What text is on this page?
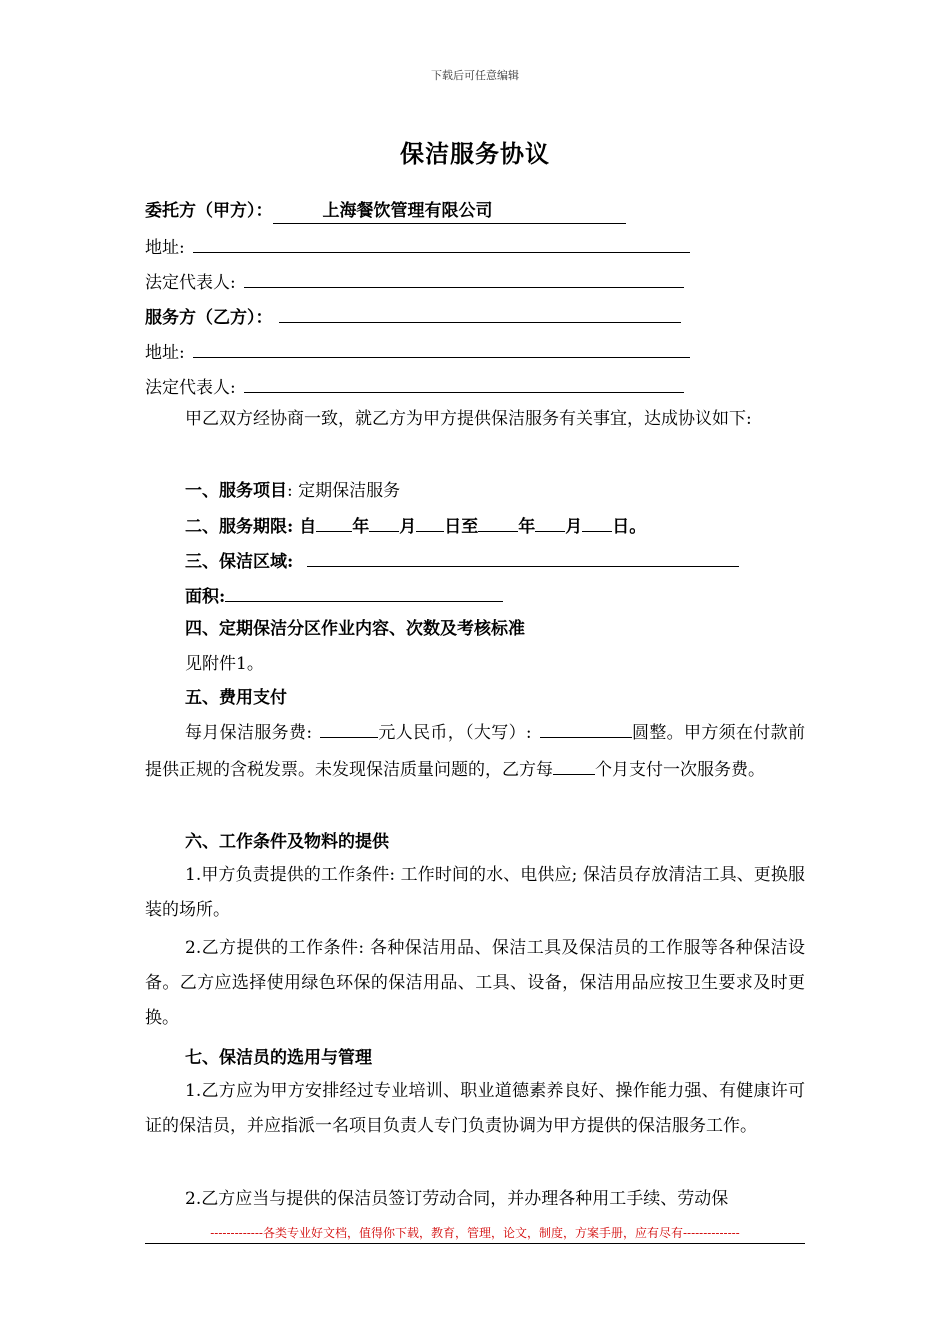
下载后可任意编辑
保洁服务协议
委托方（甲方）：	上海餐饮管理有限公司
地址:
法定代表人:
服务方（乙方）：
地址:
法定代表人:
甲乙双方经协商一致，就乙方为甲方提供保洁服务有关事宜，达成协议如下:
一、服务项目: 定期保洁服务
二、服务期限: 自 年 月 日至 年 月 日。
三、保洁区域:
面积:
四、定期保洁分区作业内容、次数及考核标准
见附件1。
五、费用支付
每月保洁服务费:	元人民币，（大写）:	圆整。甲方须在付款前提供正规的含税发票。未发现保洁质量问题的，乙方每 个月支付一次服务费。
六、工作条件及物料的提供
1.甲方负责提供的工作条件: 工作时间的水、电供应; 保洁员存放清洁工具、更换服装的场所。
2.乙方提供的工作条件: 各种保洁用品、保洁工具及保洁员的工作服等各种保洁设备。乙方应选择使用绿色环保的保洁用品、工具、设备，保洁用品应按卫生要求及时更换。
七、保洁员的选用与管理
1.乙方应为甲方安排经过专业培训、职业道德素养良好、操作能力强、有健康许可证的保洁员，并应指派一名项目负责人专门负责协调为甲方提供的保洁服务工作。
2.乙方应当与提供的保洁员签订劳动合同，并办理各种用工手续、劳动保
-------------各类专业好文档，值得你下载，教育，管理，论文，制度，方案手册，应有尽有--------------
